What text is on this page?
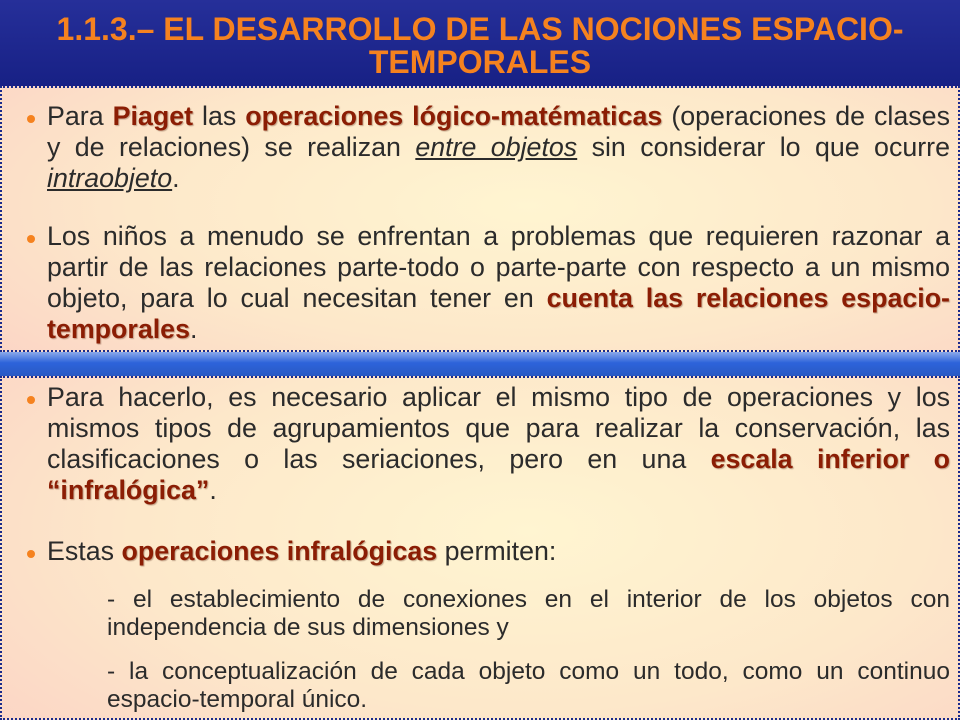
1.1.3.– EL DESARROLLO DE LAS NOCIONES ESPACIO-TEMPORALES

Para Piaget las operaciones lógico-matématicas (operaciones de clases y de relaciones) se realizan entre objetos sin considerar lo que ocurre intraobjeto.

Los niños a menudo se enfrentan a problemas que requieren razonar a partir de las relaciones parte-todo o parte-parte con respecto a un mismo objeto, para lo cual necesitan tener en cuenta las relaciones espacio-temporales.

Para hacerlo, es necesario aplicar el mismo tipo de operaciones y los mismos tipos de agrupamientos que para realizar la conservación, las clasificaciones o las seriaciones, pero en una escala inferior o “infralógica”.

Estas operaciones infralógicas permiten:

- el establecimiento de conexiones en el interior de los objetos con independencia de sus dimensiones y

- la conceptualización de cada objeto como un todo, como un continuo espacio-temporal único.
